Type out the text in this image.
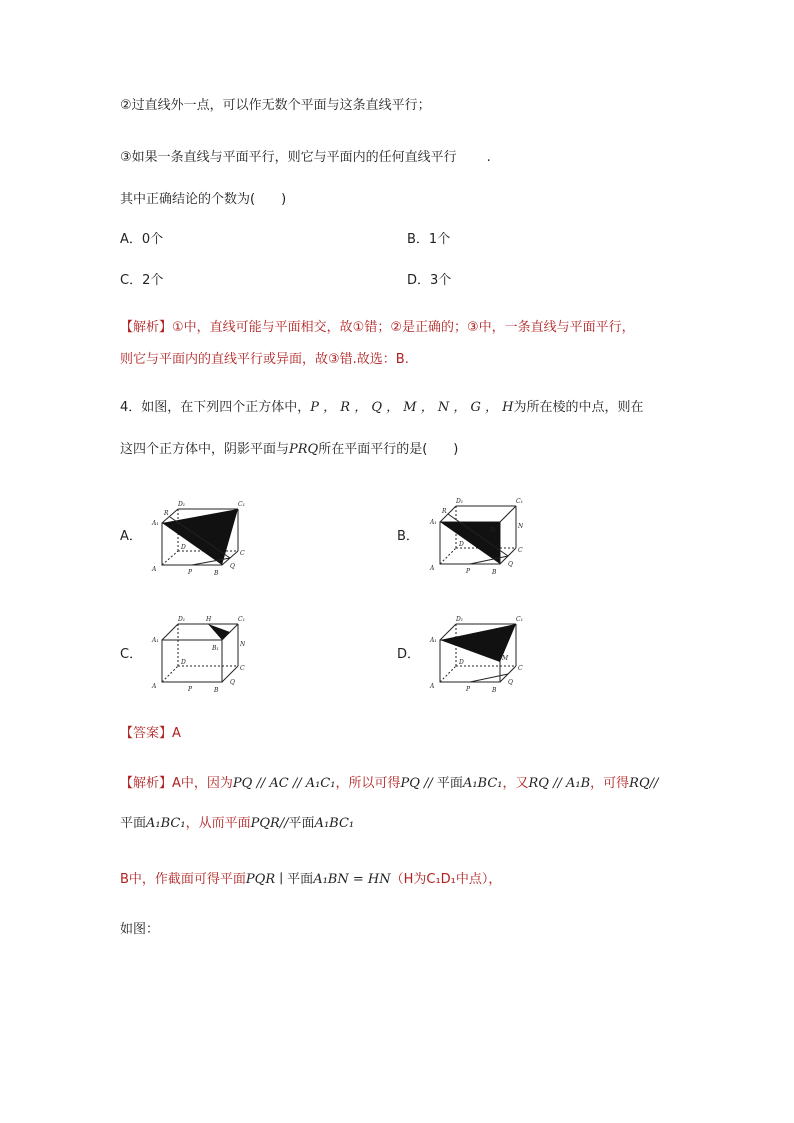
②过直线外一点，可以作无数个平面与这条直线平行；
③如果一条直线与平面平行，则它与平面内的任何直线平行 .
其中正确结论的个数为(　　)
A．0个	B．1个
C．2个	D．3个
【解析】①中，直线可能与平面相交，故①错；②是正确的；③中，一条直线与平面平行，
则它与平面内的直线平行或异面，故③错.故选：B.
4．如图，在下列四个正方体中，P ， R ， Q ， M ， N ， G ， H为所在棱的中点，则在
这四个正方体中，阴影平面与PRQ所在平面平行的是(　　)
A．	B．
C．	D．
A
B
C
D
A₁
C₁
D₁
P
Q
R
A
B
C
D
A₁
C₁
D₁
B₁
N
P
Q
R
A
B
C
D
A₁
C₁
D₁
B₁
H
N
P
Q
A
B
C
D
A₁
C₁
D₁
M
P
Q
【答案】A
【解析】A中，因为PQ // AC // A₁C₁，所以可得PQ // 平面A₁BC₁，又RQ // A₁B，可得RQ//
平面A₁BC₁，从而平面PQR//平面A₁BC₁
B中，作截面可得平面PQR ∣ 平面A₁BN = HN（H为C₁D₁中点），
如图：
